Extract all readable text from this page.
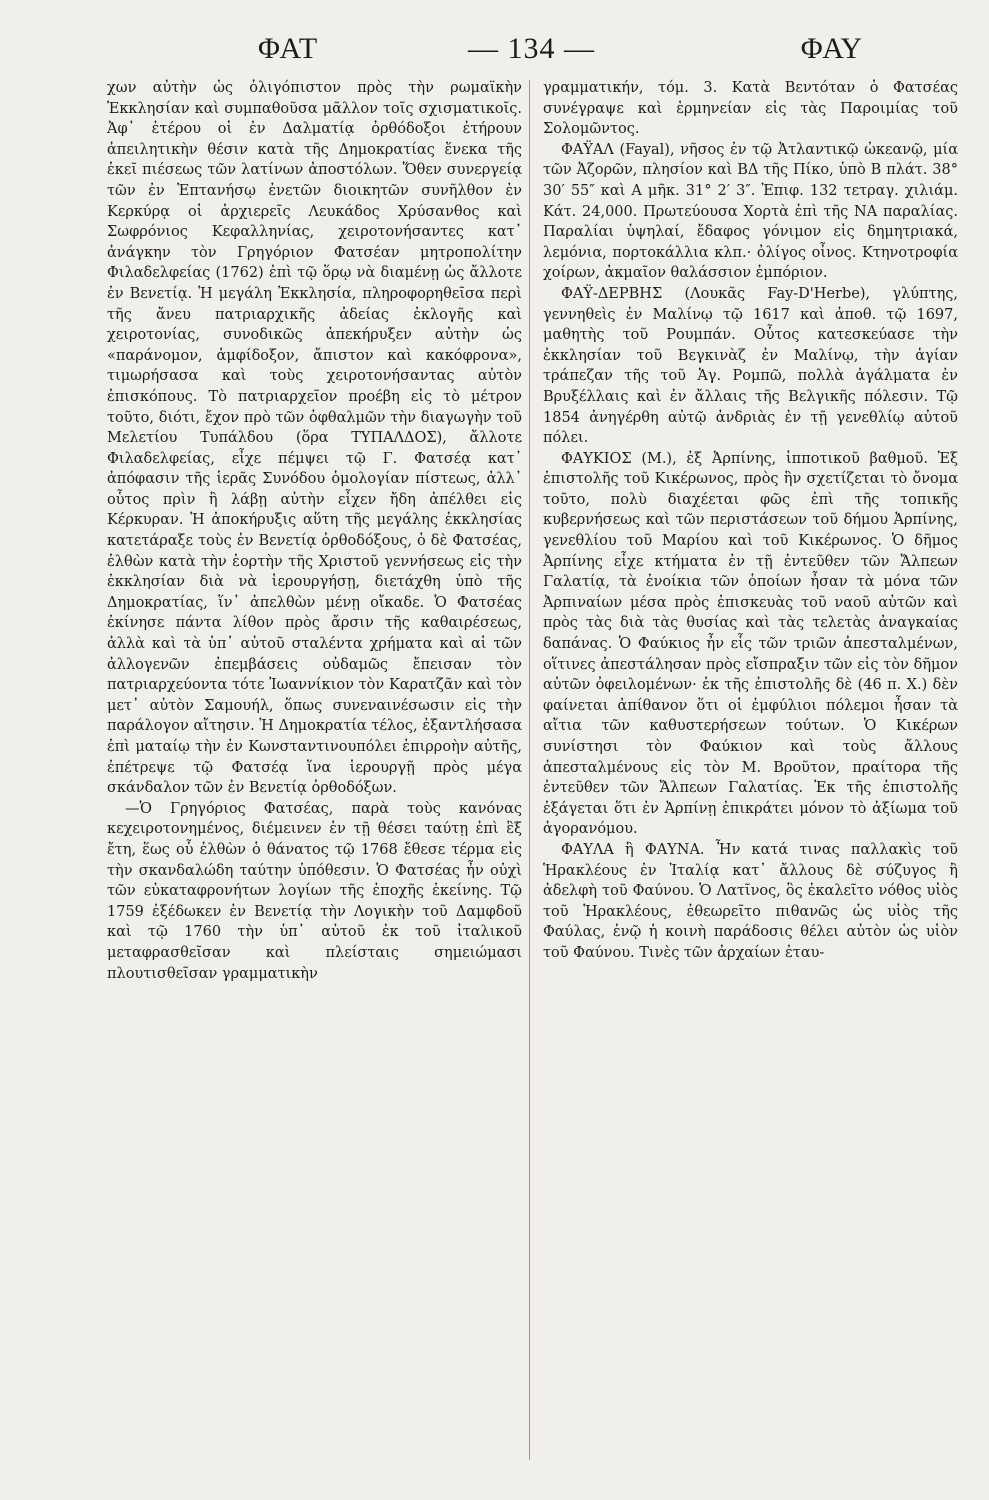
ΦΑΤ	— 134 —	ΦΑΥ

χων αὐτὴν ὡς ὀλιγόπιστον πρὸς τὴν ρωμαϊκὴν Ἐκκλησίαν καὶ συμπαθοῦσα μᾶλλον τοῖς σχισματικοῖς. Ἀφ᾽ ἑτέρου οἱ ἐν Δαλματίᾳ ὀρθόδοξοι ἐτήρουν ἀπειλητικὴν θέσιν κατὰ τῆς Δημοκρατίας ἕνεκα τῆς ἐκεῖ πιέσεως τῶν λατίνων ἀποστόλων. Ὅθεν συνεργείᾳ τῶν ἐν Ἑπτανήσῳ ἐνετῶν διοικητῶν συνῆλθον ἐν Κερκύρᾳ οἱ ἀρχιερεῖς Λευκάδος Χρύσανθος καὶ Σωφρόνιος Κεφαλληνίας, χειροτονήσαντες κατ᾽ ἀνάγκην τὸν Γρηγόριον Φατσέαν μητροπολίτην Φιλαδελφείας (1762) ἐπὶ τῷ ὅρῳ νὰ διαμένῃ ὡς ἄλλοτε ἐν Βενετίᾳ. Ἡ μεγάλη Ἐκκλησία, πληροφορηθεῖσα περὶ τῆς ἄνευ πατριαρχικῆς ἀδείας ἐκλογῆς καὶ χειροτονίας, συνοδικῶς ἀπεκήρυξεν αὐτὴν ὡς «παράνομον, ἀμφίδοξον, ἄπιστον καὶ κακόφρονα», τιμωρήσασα καὶ τοὺς χειροτονήσαντας αὐτὸν ἐπισκόπους. Τὸ πατριαρχεῖον προέβη εἰς τὸ μέτρον τοῦτο, διότι, ἔχον πρὸ τῶν ὀφθαλμῶν τὴν διαγωγὴν τοῦ Μελετίου Τυπάλδου (ὅρα ΤΥΠΑΛΔΟΣ), ἄλλοτε Φιλαδελφείας, εἶχε πέμψει τῷ Γ. Φατσέᾳ κατ᾽ ἀπόφασιν τῆς ἱερᾶς Συνόδου ὁμολογίαν πίστεως, ἀλλ᾽ οὗτος πρὶν ἢ λάβῃ αὐτὴν εἶχεν ἤδη ἀπέλθει εἰς Κέρκυραν. Ἡ ἀποκήρυξις αὕτη τῆς μεγάλης ἐκκλησίας κατετάραξε τοὺς ἐν Βενετίᾳ ὀρθοδόξους, ὁ δὲ Φατσέας, ἐλθὼν κατὰ τὴν ἑορτὴν τῆς Χριστοῦ γεννήσεως εἰς τὴν ἐκκλησίαν διὰ νὰ ἱερουργήσῃ, διετάχθη ὑπὸ τῆς Δημοκρατίας, ἵν᾽ ἀπελθὼν μένῃ οἴκαδε. Ὁ Φατσέας ἐκίνησε πάντα λίθον πρὸς ἄρσιν τῆς καθαιρέσεως, ἀλλὰ καὶ τὰ ὑπ᾽ αὐτοῦ σταλέντα χρήματα καὶ αἱ τῶν ἀλλογενῶν ἐπεμβάσεις οὐδαμῶς ἔπεισαν τὸν πατριαρχεύοντα τότε Ἰωαννίκιον τὸν Καρατζᾶν καὶ τὸν μετ᾽ αὐτὸν Σαμουήλ, ὅπως συνεναινέσωσιν εἰς τὴν παράλογον αἴτησιν. Ἡ Δημοκρατία τέλος, ἐξαντλήσασα ἐπὶ ματαίῳ τὴν ἐν Κωνσταντινουπόλει ἐπιρροὴν αὐτῆς, ἐπέτρεψε τῷ Φατσέᾳ ἵνα ἱερουργῇ πρὸς μέγα σκάνδαλον τῶν ἐν Βενετίᾳ ὀρθοδόξων.

—Ὁ Γρηγόριος Φατσέας, παρὰ τοὺς κανόνας κεχειροτονημένος, διέμεινεν ἐν τῇ θέσει ταύτῃ ἐπὶ ἓξ ἔτη, ἕως οὗ ἐλθὼν ὁ θάνατος τῷ 1768 ἔθεσε τέρμα εἰς τὴν σκανδαλώδη ταύτην ὑπόθεσιν. Ὁ Φατσέας ἦν οὐχὶ τῶν εὐκαταφρονήτων λογίων τῆς ἐποχῆς ἐκείνης. Τῷ 1759 ἐξέδωκεν ἐν Βενετίᾳ τὴν Λογικὴν τοῦ Δαμφδοῦ καὶ τῷ 1760 τὴν ὑπ᾽ αὐτοῦ ἐκ τοῦ ἰταλικοῦ μεταφρασθεῖσαν καὶ πλείσταις σημειώμασι πλουτισθεῖσαν γραμματικὴν

γραμματικήν, τόμ. 3. Κατὰ Βεντόταν ὁ Φατσέας συνέγραψε καὶ ἑρμηνείαν εἰς τὰς Παροιμίας τοῦ Σολομῶντος.

ΦΑΫΑΛ (Fayal), νῆσος ἐν τῷ Ἀτλαντικῷ ὠκεανῷ, μία τῶν Ἀζορῶν, πλησίον καὶ ΒΔ τῆς Πίκο, ὑπὸ Β πλάτ. 38° 30′ 55″ καὶ Α μῆκ. 31° 2′ 3″. Ἐπιφ. 132 τετραγ. χιλιάμ. Κάτ. 24,000. Πρωτεύουσα Χορτὰ ἐπὶ τῆς ΝΑ παραλίας. Παραλίαι ὑψηλαί, ἔδαφος γόνιμον εἰς δημητριακά, λεμόνια, πορτοκάλλια κλπ.· ὀλίγος οἶνος. Κτηνοτροφία χοίρων, ἀκμαῖον θαλάσσιον ἐμπόριον.

ΦΑΫ-ΔΕΡΒΗΣ (Λουκᾶς Fay-D'Herbe), γλύπτης, γεννηθεὶς ἐν Μαλίνῳ τῷ 1617 καὶ ἀποθ. τῷ 1697, μαθητὴς τοῦ Ρουμπάν. Οὗτος κατεσκεύασε τὴν ἐκκλησίαν τοῦ Βεγκινὰζ ἐν Μαλίνῳ, τὴν ἁγίαν τράπεζαν τῆς τοῦ Ἁγ. Ρομπῶ, πολλὰ ἀγάλματα ἐν Βρυξέλλαις καὶ ἐν ἄλλαις τῆς Βελγικῆς πόλεσιν. Τῷ 1854 ἀνηγέρθη αὐτῷ ἀνδριὰς ἐν τῇ γενεθλίῳ αὐτοῦ πόλει.

ΦΑΥΚΙΟΣ (Μ.), ἐξ Ἀρπίνης, ἱπποτικοῦ βαθμοῦ. Ἐξ ἐπιστολῆς τοῦ Κικέρωνος, πρὸς ἣν σχετίζεται τὸ ὄνομα τοῦτο, πολὺ διαχέεται φῶς ἐπὶ τῆς τοπικῆς κυβερνήσεως καὶ τῶν περιστάσεων τοῦ δήμου Ἀρπίνης, γενεθλίου τοῦ Μαρίου καὶ τοῦ Κικέρωνος. Ὁ δῆμος Ἀρπίνης εἶχε κτήματα ἐν τῇ ἐντεῦθεν τῶν Ἄλπεων Γαλατίᾳ, τὰ ἐνοίκια τῶν ὁποίων ἦσαν τὰ μόνα τῶν Ἀρπιναίων μέσα πρὸς ἐπισκευὰς τοῦ ναοῦ αὐτῶν καὶ πρὸς τὰς διὰ τὰς θυσίας καὶ τὰς τελετὰς ἀναγκαίας δαπάνας. Ὁ Φαύκιος ἦν εἷς τῶν τριῶν ἀπεσταλμένων, οἵτινες ἀπεστάλησαν πρὸς εἴσπραξιν τῶν εἰς τὸν δῆμον αὐτῶν ὀφειλομένων· ἐκ τῆς ἐπιστολῆς δὲ (46 π. Χ.) δὲν φαίνεται ἀπίθανον ὅτι οἱ ἐμφύλιοι πόλεμοι ἦσαν τὰ αἴτια τῶν καθυστερήσεων τούτων. Ὁ Κικέρων συνίστησι τὸν Φαύκιον καὶ τοὺς ἄλλους ἀπεσταλμένους εἰς τὸν Μ. Βροῦτον, πραίτορα τῆς ἐντεῦθεν τῶν Ἄλπεων Γαλατίας. Ἐκ τῆς ἐπιστολῆς ἐξάγεται ὅτι ἐν Ἀρπίνῃ ἐπικράτει μόνον τὸ ἀξίωμα τοῦ ἀγορανόμου.

ΦΑΥΛΑ ἢ ΦΑΥΝΑ. Ἦν κατά τινας παλλακὶς τοῦ Ἡρακλέους ἐν Ἰταλίᾳ κατ᾽ ἄλλους δὲ σύζυγος ἢ ἀδελφὴ τοῦ Φαύνου. Ὁ Λατῖνος, ὃς ἐκαλεῖτο νόθος υἱὸς τοῦ Ἡρακλέους, ἐθεωρεῖτο πιθανῶς ὡς υἱὸς τῆς Φαύλας, ἐνῷ ἡ κοινὴ παράδοσις θέλει αὐτὸν ὡς υἱὸν τοῦ Φαύνου. Τινὲς τῶν ἀρχαίων ἐταυ-
